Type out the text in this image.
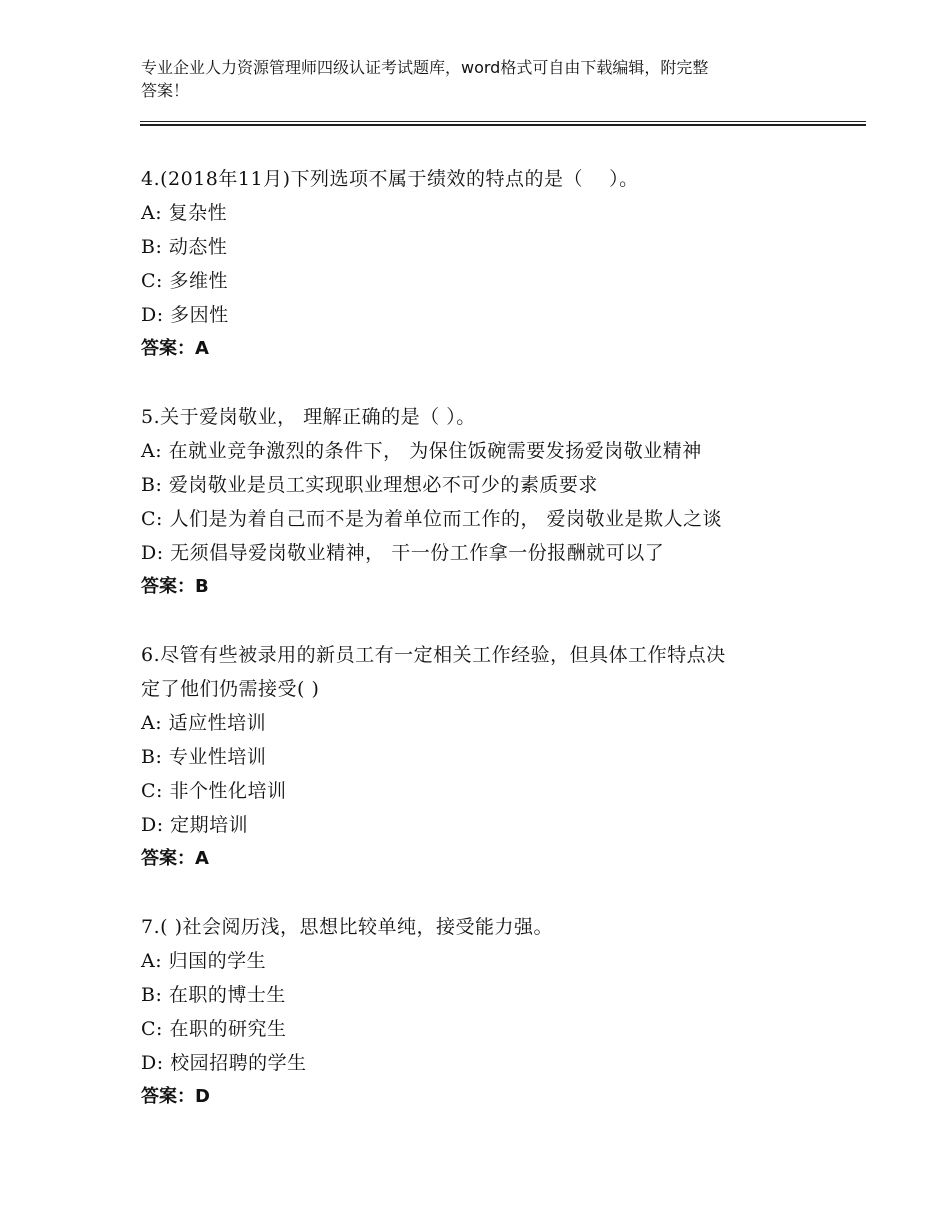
专业企业人力资源管理师四级认证考试题库，word格式可自由下载编辑，附完整
答案！

4.(2018年11月)下列选项不属于绩效的特点的是（    ）。

A: 复杂性

B: 动态性

C: 多维性

D: 多因性

答案：A

5.关于爱岗敬业， 理解正确的是（ ）。

A: 在就业竞争激烈的条件下， 为保住饭碗需要发扬爱岗敬业精神

B: 爱岗敬业是员工实现职业理想必不可少的素质要求

C: 人们是为着自己而不是为着单位而工作的， 爱岗敬业是欺人之谈

D: 无须倡导爱岗敬业精神， 干一份工作拿一份报酬就可以了

答案：B

6.尽管有些被录用的新员工有一定相关工作经验，但具体工作特点决

定了他们仍需接受( )

A: 适应性培训

B: 专业性培训

C: 非个性化培训

D: 定期培训

答案：A

7.( )社会阅历浅，思想比较单纯，接受能力强。

A: 归国的学生

B: 在职的博士生

C: 在职的研究生

D: 校园招聘的学生

答案：D
